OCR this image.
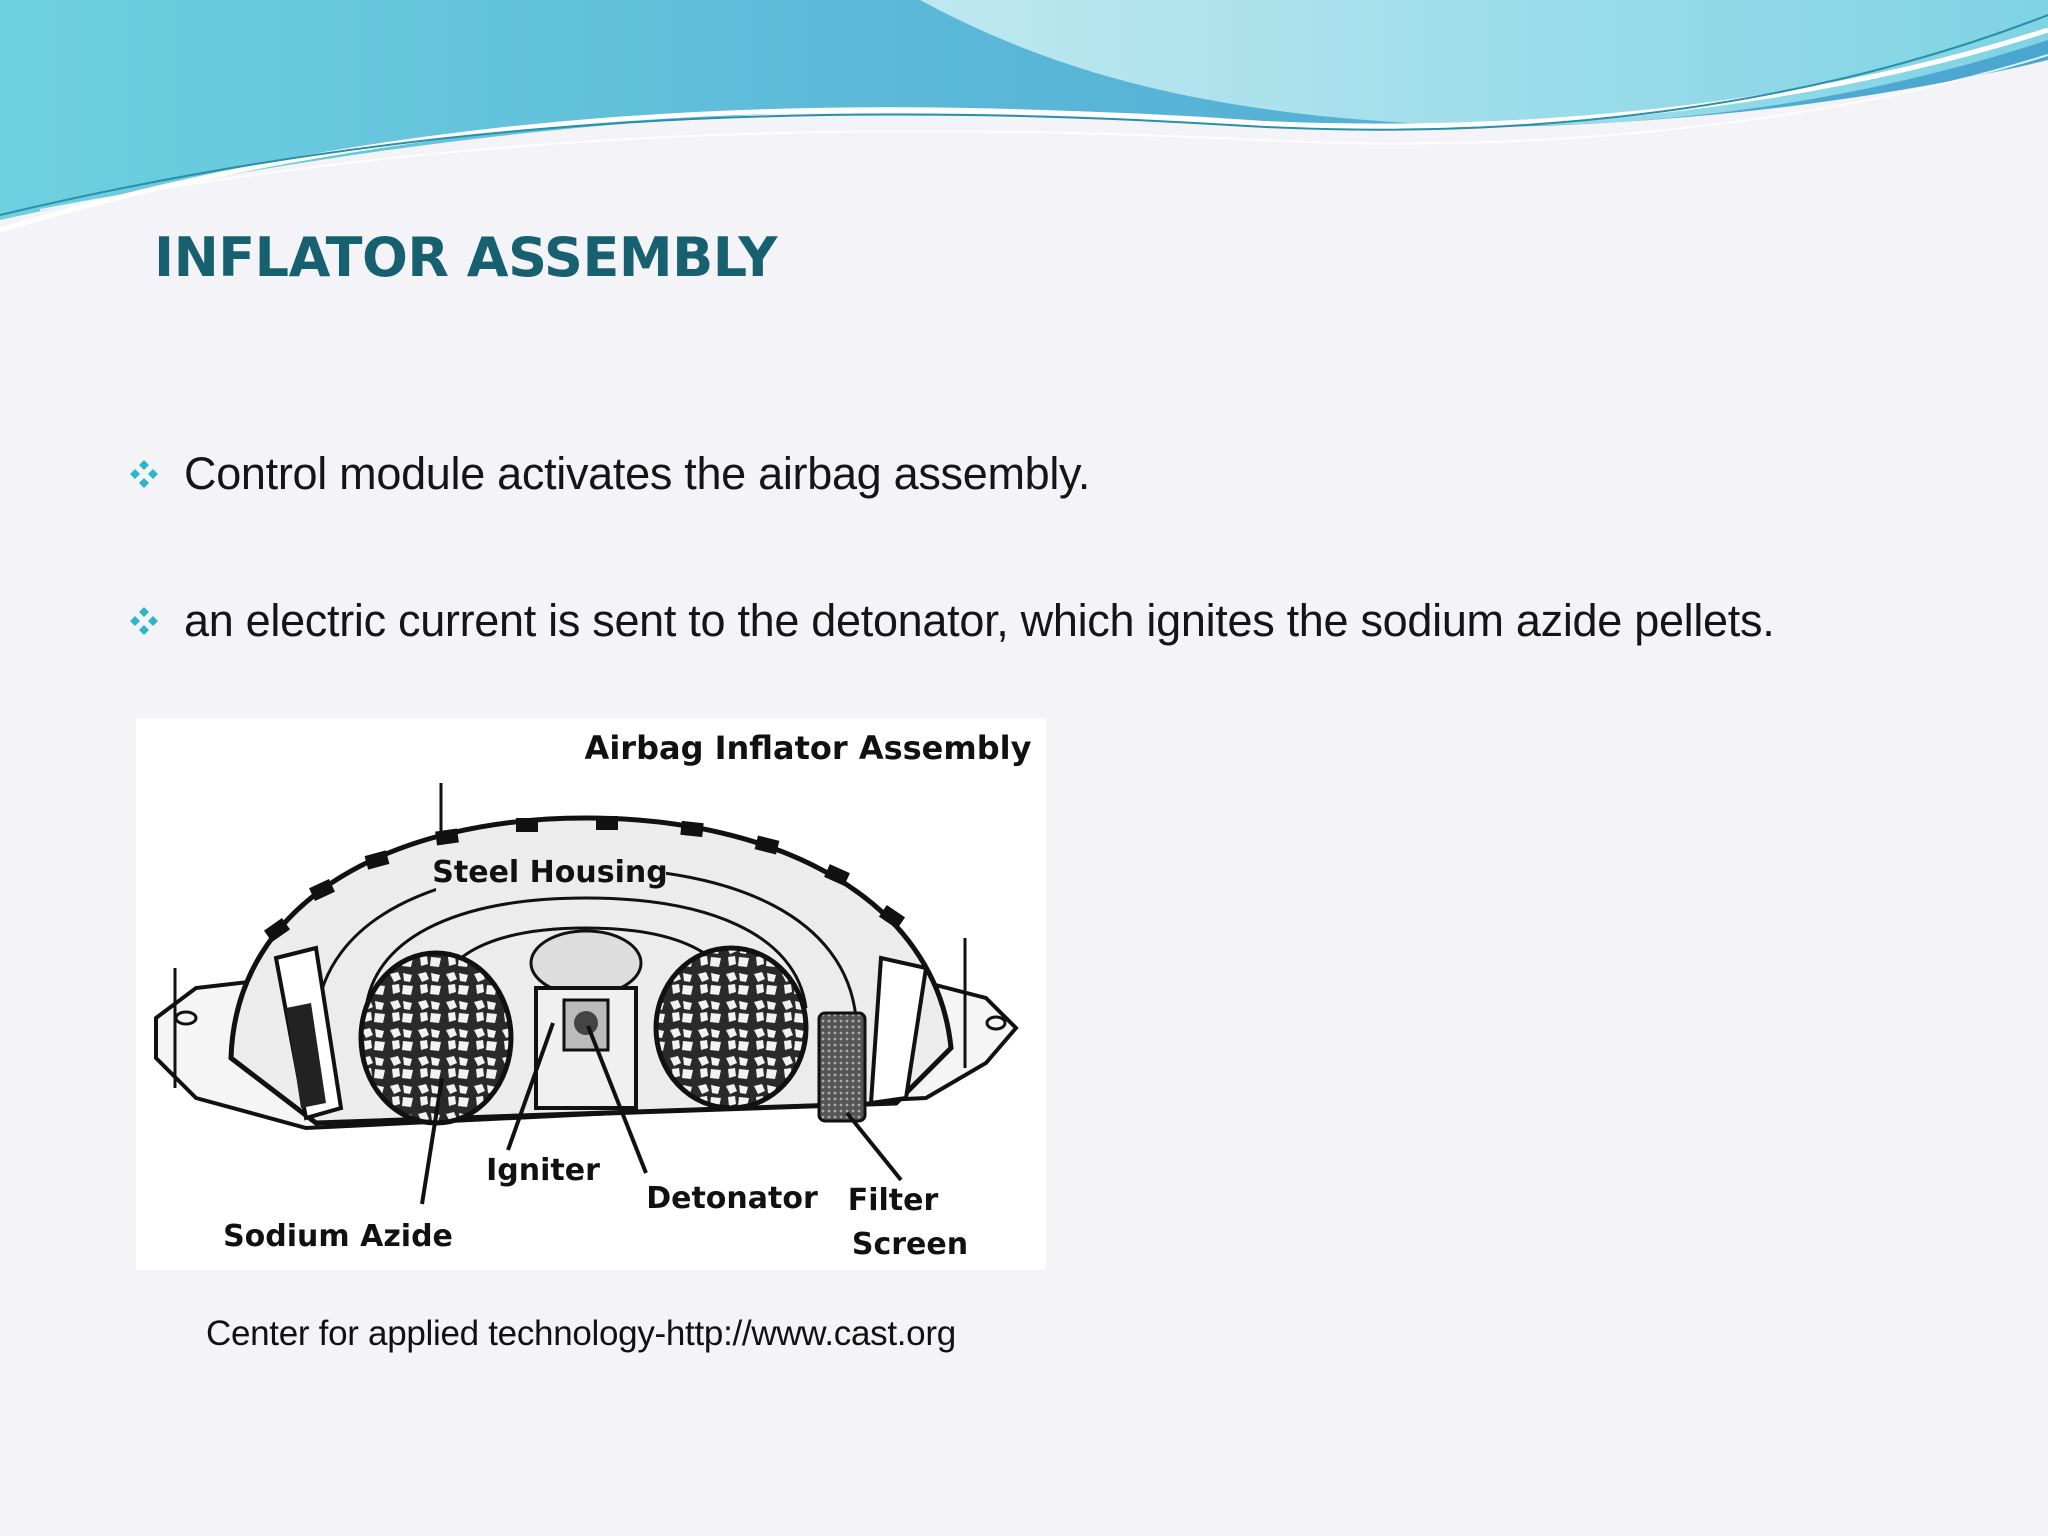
INFLATOR ASSEMBLY
Control module activates the airbag assembly.
an electric current is sent to the detonator, which ignites the sodium azide pellets.
Airbag Inflator Assembly
Steel Housing
Igniter
Detonator Filter
Screen
Sodium Azide
Center for applied technology-http://www.cast.org
